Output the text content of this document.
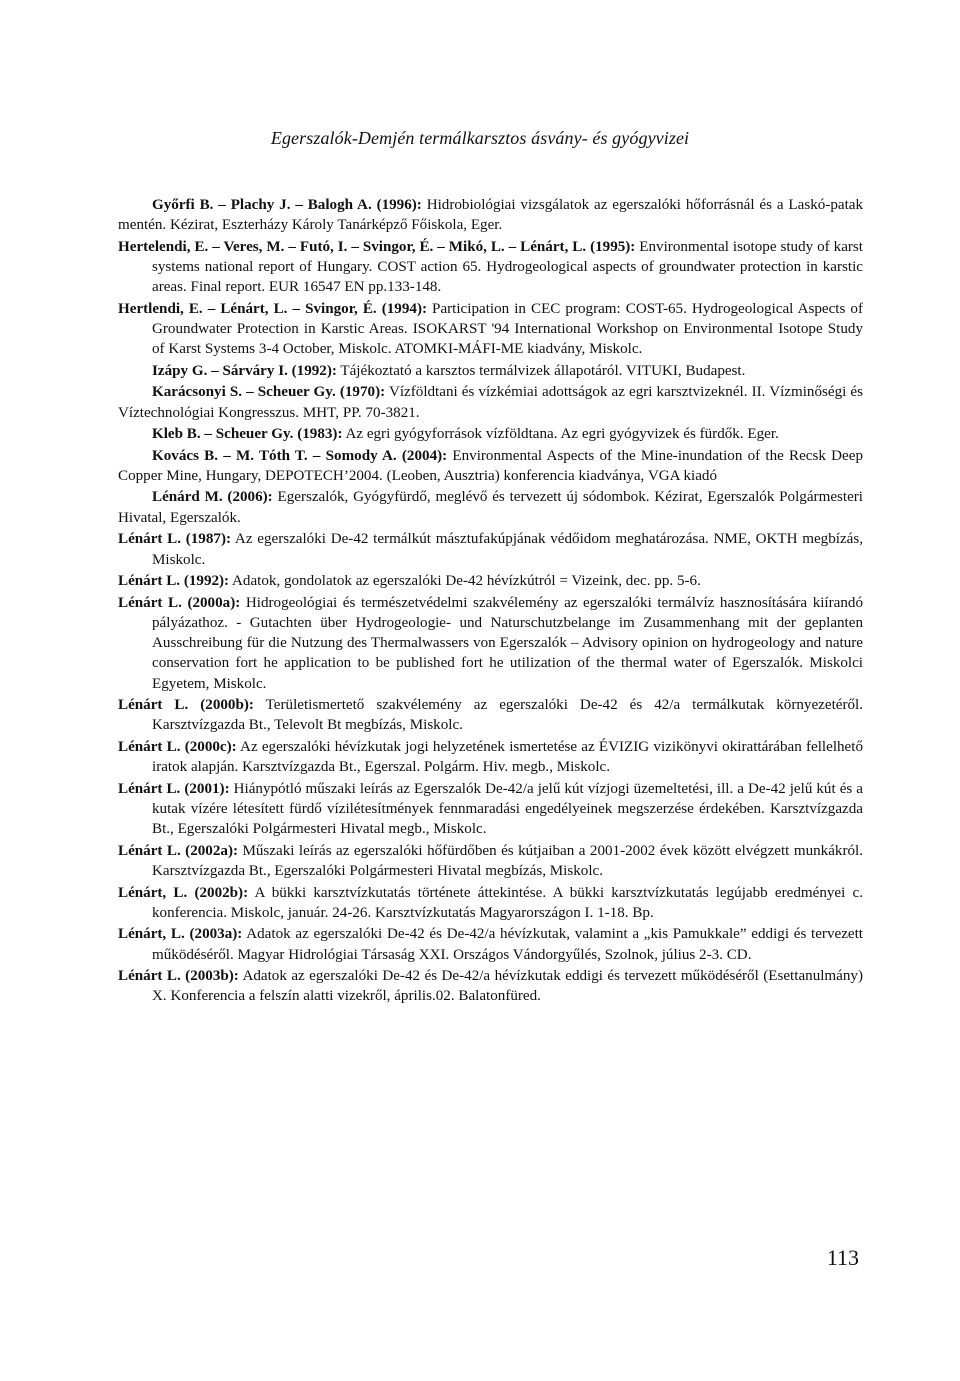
Egerszalók-Demjén termálkarsztos ásvány- és gyógyvizei

Győrfi B. – Plachy J. – Balogh A. (1996): Hidrobiológiai vizsgálatok az egerszalóki hőforrásnál és a Laskó-patak mentén. Kézirat, Eszterházy Károly Tanárképző Főiskola, Eger.

Hertelendi, E. – Veres, M. – Futó, I. – Svingor, É. – Mikó, L. – Lénárt, L. (1995): Environmental isotope study of karst systems national report of Hungary. COST action 65. Hydrogeological aspects of groundwater protection in karstic areas. Final report. EUR 16547 EN pp.133-148.

Hertlendi, E. – Lénárt, L. – Svingor, É. (1994): Participation in CEC program: COST-65. Hydrogeological Aspects of Groundwater Protection in Karstic Areas. ISOKARST '94 International Workshop on Environmental Isotope Study of Karst Systems 3-4 October, Miskolc. ATOMKI-MÁFI-ME kiadvány, Miskolc.

Izápy G. – Sárváry I. (1992): Tájékoztató a karsztos termálvizek állapotáról. VITUKI, Budapest.

Karácsonyi S. – Scheuer Gy. (1970): Vízföldtani és vízkémiai adottságok az egri karsztvizeknél. II. Vízminőségi és Víztechnológiai Kongresszus. MHT, PP. 70-3821.

Kleb B. – Scheuer Gy. (1983): Az egri gyógyforrások vízföldtana. Az egri gyógyvizek és fürdők. Eger.

Kovács B. – M. Tóth T. – Somody A. (2004): Environmental Aspects of the Mine-inundation of the Recsk Deep Copper Mine, Hungary, DEPOTECH’2004. (Leoben, Ausztria) konferencia kiadványa, VGA kiadó

Lénárd M. (2006): Egerszalók, Gyógyfürdő, meglévő és tervezett új sódombok. Kézirat, Egerszalók Polgármesteri Hivatal, Egerszalók.

Lénárt L. (1987): Az egerszalóki De-42 termálkút másztufakúpjának védőidom meghatározása. NME, OKTH megbízás, Miskolc.

Lénárt L. (1992): Adatok, gondolatok az egerszalóki De-42 hévízkútról = Vizeink, dec. pp. 5-6.

Lénárt L. (2000a): Hidrogeológiai és természetvédelmi szakvélemény az egerszalóki termálvíz hasznosítására kiírandó pályázathoz. - Gutachten über Hydrogeologie- und Naturschutzbelange im Zusammenhang mit der geplanten Ausschreibung für die Nutzung des Thermalwassers von Egerszalók – Advisory opinion on hydrogeology and nature conservation fort he application to be published fort he utilization of the thermal water of Egerszalók. Miskolci Egyetem, Miskolc.

Lénárt L. (2000b): Területismertető szakvélemény az egerszalóki De-42 és 42/a termálkutak környezetéről. Karsztvízgazda Bt., Televolt Bt megbízás, Miskolc.

Lénárt L. (2000c): Az egerszalóki hévízkutak jogi helyzetének ismertetése az ÉVIZIG vizikönyvi okirattárában fellelhető iratok alapján. Karsztvízgazda Bt., Egerszal. Polgárm. Hiv. megb., Miskolc.

Lénárt L. (2001): Hiánypótló műszaki leírás az Egerszalók De-42/a jelű kút vízjogi üzemeltetési, ill. a De-42 jelű kút és a kutak vízére létesített fürdő vízilétesítmények fennmaradási engedélyeinek megszerzése érdekében. Karsztvízgazda Bt., Egerszalóki Polgármesteri Hivatal megb., Miskolc.

Lénárt L. (2002a): Műszaki leírás az egerszalóki hőfürdőben és kútjaiban a 2001-2002 évek között elvégzett munkákról. Karsztvízgazda Bt., Egerszalóki Polgármesteri Hivatal megbízás, Miskolc.

Lénárt, L. (2002b): A bükki karsztvízkutatás története áttekintése. A bükki karsztvízkutatás legújabb eredményei c. konferencia. Miskolc, január. 24-26. Karsztvízkutatás Magyarországon I. 1-18. Bp.

Lénárt, L. (2003a): Adatok az egerszalóki De-42 és De-42/a hévízkutak, valamint a „kis Pamukkale” eddigi és tervezett működéséről. Magyar Hidrológiai Társaság XXI. Országos Vándorgyűlés, Szolnok, július 2-3. CD.

Lénárt L. (2003b): Adatok az egerszalóki De-42 és De-42/a hévízkutak eddigi és tervezett működéséről (Esettanulmány) X. Konferencia a felszín alatti vizekről, április.02. Balatonfüred.

113
